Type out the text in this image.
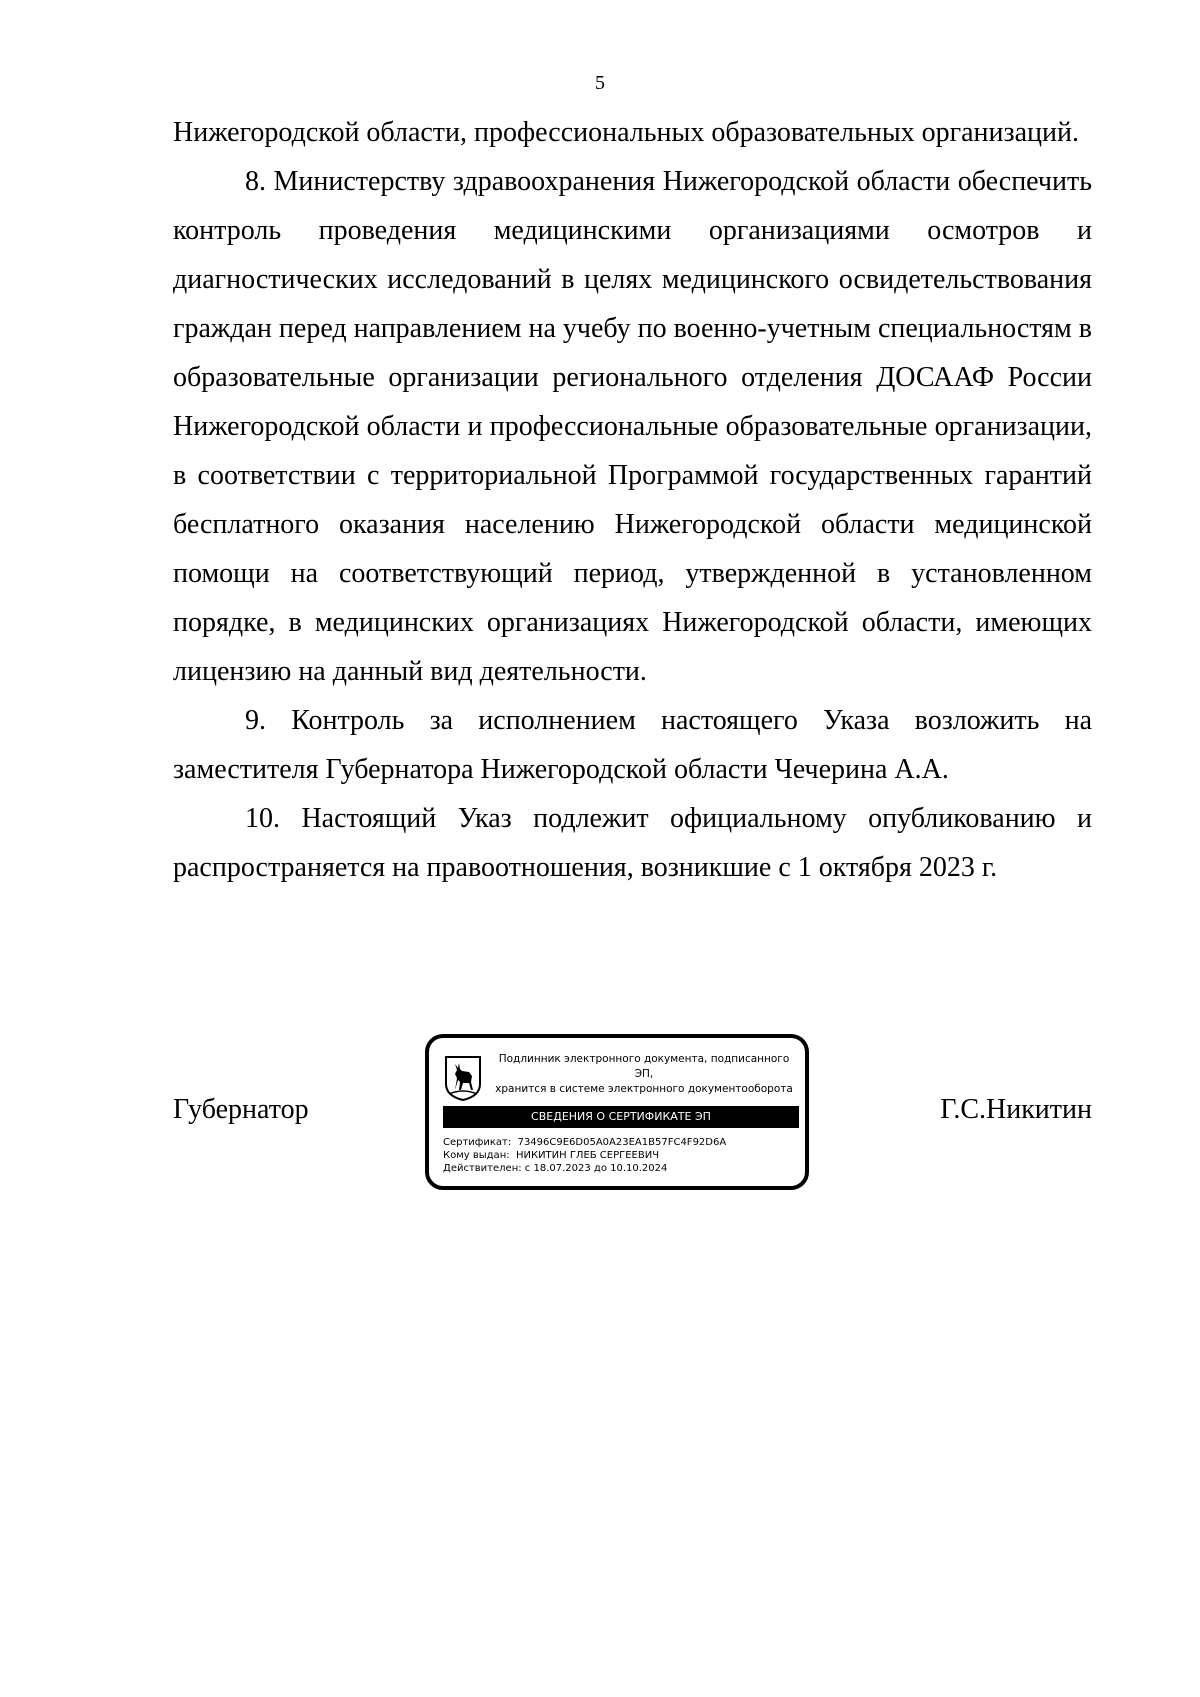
5

Нижегородской области, профессиональных образовательных организаций.

8. Министерству здравоохранения Нижегородской области обеспечить контроль проведения медицинскими организациями осмотров и диагностических исследований в целях медицинского освидетельствования граждан перед направлением на учебу по военно-учетным специальностям в образовательные организации регионального отделения ДОСААФ России Нижегородской области и профессиональные образовательные организации, в соответствии с территориальной Программой государственных гарантий бесплатного оказания населению Нижегородской области медицинской помощи на соответствующий период, утвержденной в установленном порядке, в медицинских организациях Нижегородской области, имеющих лицензию на данный вид деятельности.

9. Контроль за исполнением настоящего Указа возложить на заместителя Губернатора Нижегородской области Чечерина А.А.

10. Настоящий Указ подлежит официальному опубликованию и распространяется на правоотношения, возникшие с 1 октября 2023 г.

Губернатор
Подлинник электронного документа, подписанного ЭП,
хранится в системе электронного документооборота
СВЕДЕНИЯ О СЕРТИФИКАТЕ ЭП
Сертификат: 73496C9E6D05A0A23EA1B57FC4F92D6A
Кому выдан: НИКИТИН ГЛЕБ СЕРГЕЕВИЧ
Действителен: с 18.07.2023 до 10.10.2024
Г.С.Никитин
